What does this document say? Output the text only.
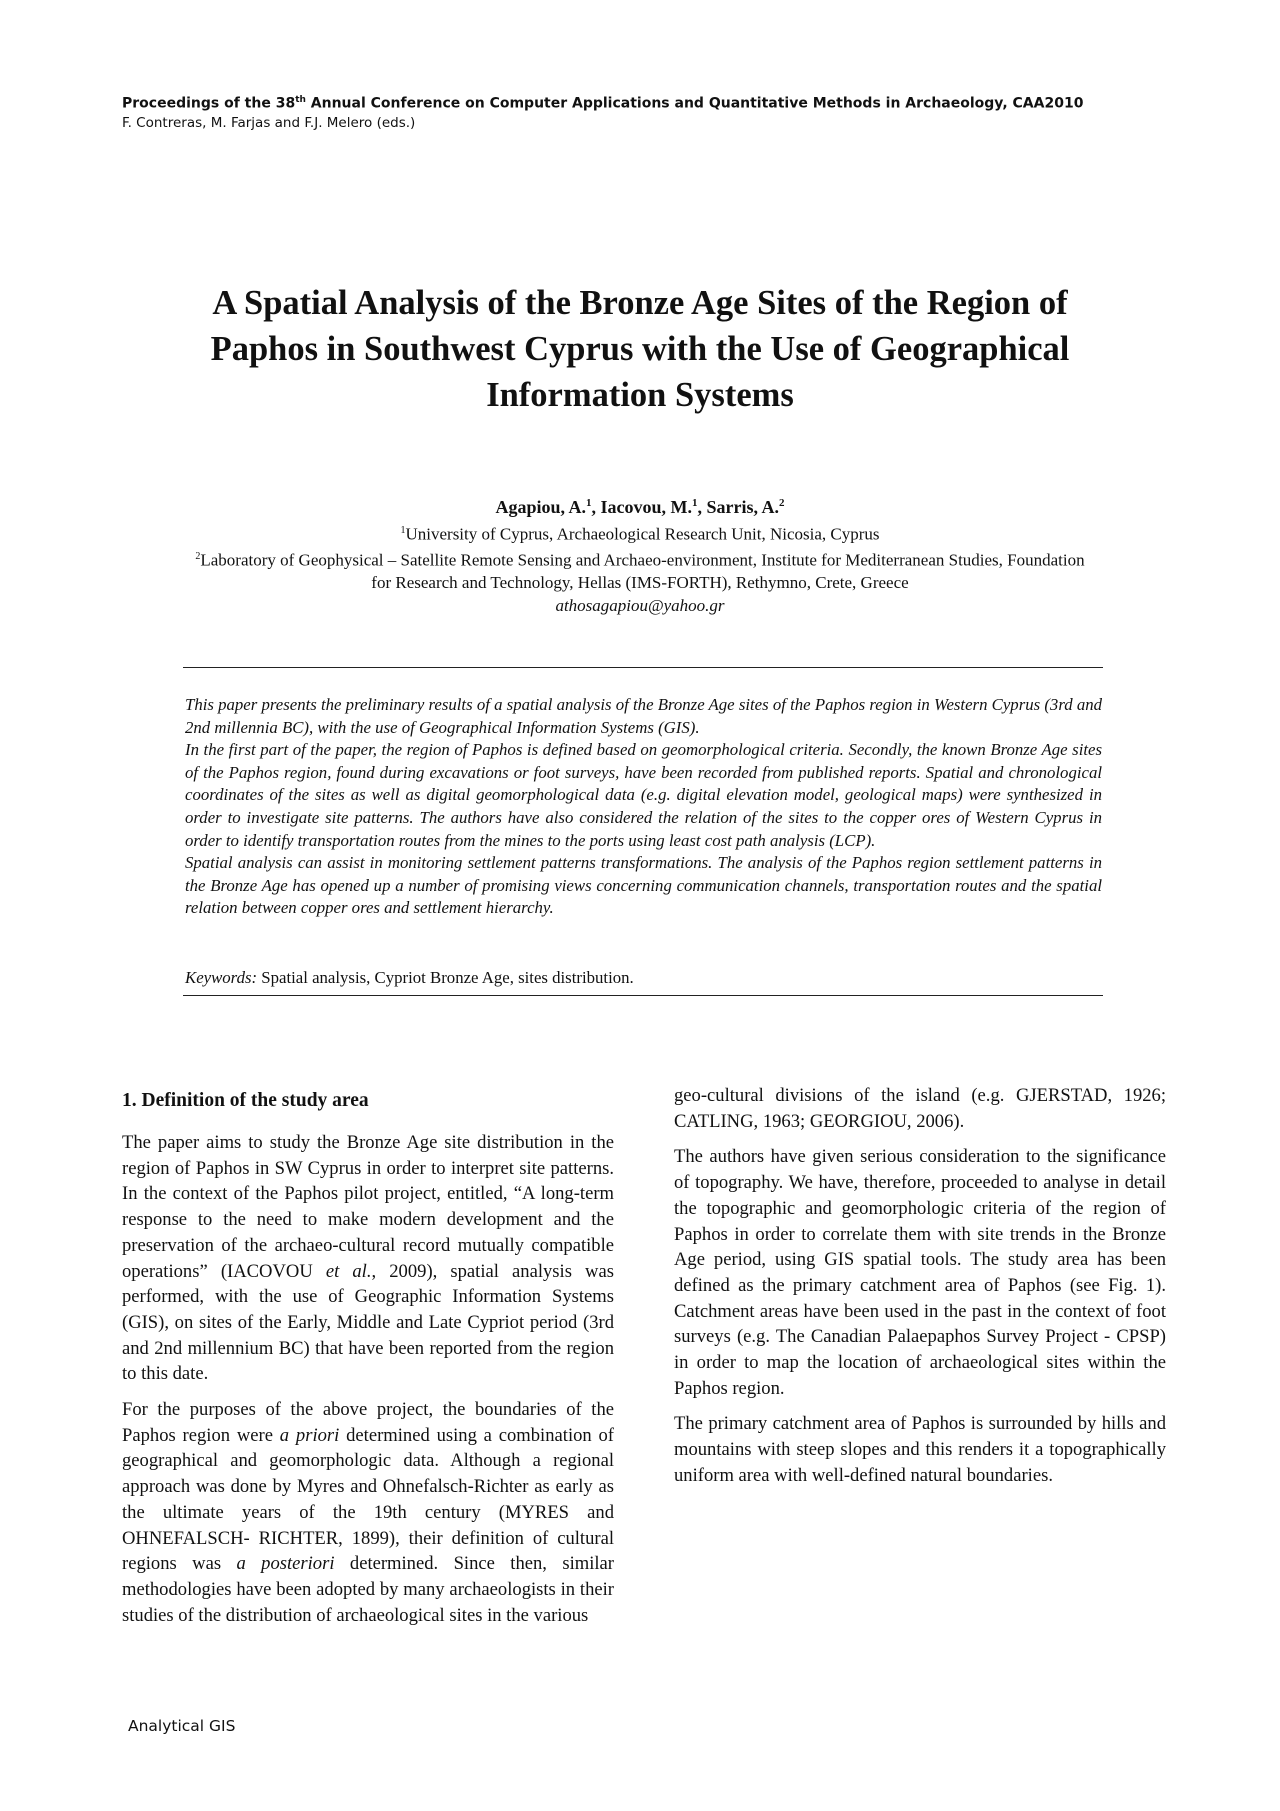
Proceedings of the 38th Annual Conference on Computer Applications and Quantitative Methods in Archaeology, CAA2010
F. Contreras, M. Farjas and F.J. Melero (eds.)
A Spatial Analysis of the Bronze Age Sites of the Region of
Paphos in Southwest Cyprus with the Use of Geographical
Information Systems
Agapiou, A.$^1$, Iacovou, M.$^1$, Sarris, A.$^2$
$^1$University of Cyprus, Archaeological Research Unit, Nicosia, Cyprus
$^2$Laboratory of Geophysical – Satellite Remote Sensing and Archaeo-environment, Institute for Mediterranean Studies, Foundation
for Research and Technology, Hellas (IMS-FORTH), Rethymno, Crete, Greece
athosagapiou@yahoo.gr

This paper presents the preliminary results of a spatial analysis of the Bronze Age sites of the Paphos region in Western Cyprus (3rd and 2nd millennia BC), with the use of Geographical Information Systems (GIS).

In the first part of the paper, the region of Paphos is defined based on geomorphological criteria. Secondly, the known Bronze Age sites of the Paphos region, found during excavations or foot surveys, have been recorded from published reports. Spatial and chronological coordinates of the sites as well as digital geomorphological data (e.g. digital elevation model, geological maps) were synthesized in order to investigate site patterns. The authors have also considered the relation of the sites to the copper ores of Western Cyprus in order to identify transportation routes from the mines to the ports using least cost path analysis (LCP).

Spatial analysis can assist in monitoring settlement patterns transformations. The analysis of the Paphos region settlement patterns in the Bronze Age has opened up a number of promising views concerning communication channels, transportation routes and the spatial relation between copper ores and settlement hierarchy.

Keywords: Spatial analysis, Cypriot Bronze Age, sites distribution.
1. Definition of the study area

The paper aims to study the Bronze Age site distribution in the region of Paphos in SW Cyprus in order to interpret site patterns. In the context of the Paphos pilot project, entitled, “A long-term response to the need to make modern development and the preservation of the archaeo-cultural record mutually compatible operations” (IACOVOU et al., 2009), spatial analysis was performed, with the use of Geographic Information Systems (GIS), on sites of the Early, Middle and Late Cypriot period (3rd and 2nd millennium BC) that have been reported from the region to this date.

For the purposes of the above project, the boundaries of the Paphos region were a priori determined using a combination of geographical and geomorphologic data. Although a regional approach was done by Myres and Ohnefalsch-Richter as early as the ultimate years of the 19th century (MYRES and OHNEFALSCH- RICHTER, 1899), their definition of cultural regions was a posteriori determined. Since then, similar methodologies have been adopted by many archaeologists in their studies of the distribution of archaeological sites in the various

geo-cultural divisions of the island (e.g. GJERSTAD, 1926; CATLING, 1963; GEORGIOU, 2006).

The authors have given serious consideration to the significance of topography. We have, therefore, proceeded to analyse in detail the topographic and geomorphologic criteria of the region of Paphos in order to correlate them with site trends in the Bronze Age period, using GIS spatial tools. The study area has been defined as the primary catchment area of Paphos (see Fig. 1). Catchment areas have been used in the past in the context of foot surveys (e.g. The Canadian Palaepaphos Survey Project - CPSP) in order to map the location of archaeological sites within the Paphos region.

The primary catchment area of Paphos is surrounded by hills and mountains with steep slopes and this renders it a topographically uniform area with well-defined natural boundaries.

Analytical GIS
